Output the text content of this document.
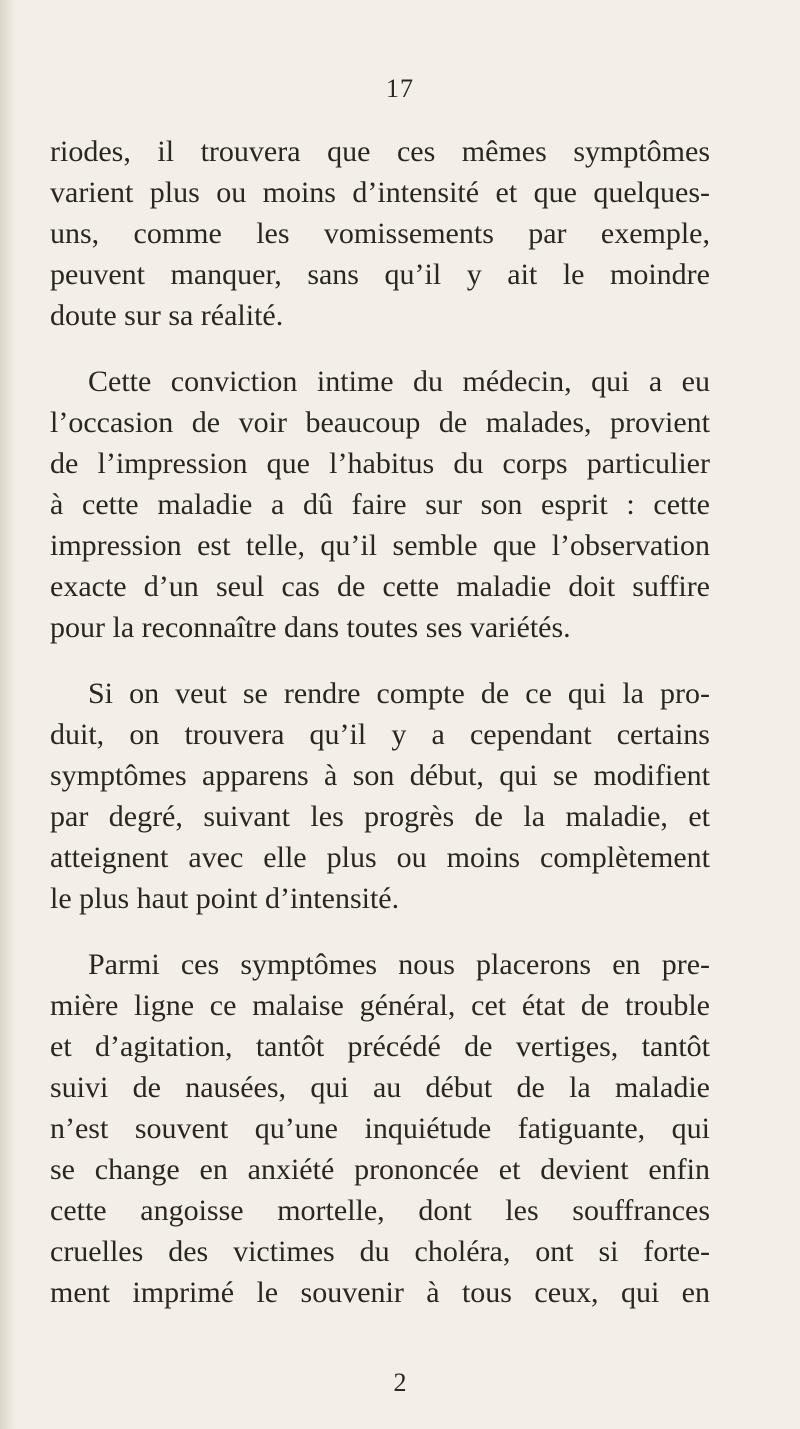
17
riodes, il trouvera que ces mêmes symptômes
varient plus ou moins d’intensité et que quelques-
uns, comme les vomissements par exemple,
peuvent manquer, sans qu’il y ait le moindre
doute sur sa réalité.
Cette conviction intime du médecin, qui a eu
l’occasion de voir beaucoup de malades, provient
de l’impression que l’habitus du corps particulier
à cette maladie a dû faire sur son esprit : cette
impression est telle, qu’il semble que l’observation
exacte d’un seul cas de cette maladie doit suffire
pour la reconnaître dans toutes ses variétés.
Si on veut se rendre compte de ce qui la pro-
duit, on trouvera qu’il y a cependant certains
symptômes apparens à son début, qui se modifient
par degré, suivant les progrès de la maladie, et
atteignent avec elle plus ou moins complètement
le plus haut point d’intensité.
Parmi ces symptômes nous placerons en pre-
mière ligne ce malaise général, cet état de trouble
et d’agitation, tantôt précédé de vertiges, tantôt
suivi de nausées, qui au début de la maladie
n’est souvent qu’une inquiétude fatiguante, qui
se change en anxiété prononcée et devient enfin
cette angoisse mortelle, dont les souffrances
cruelles des victimes du choléra, ont si forte-
ment imprimé le souvenir à tous ceux, qui en
2
